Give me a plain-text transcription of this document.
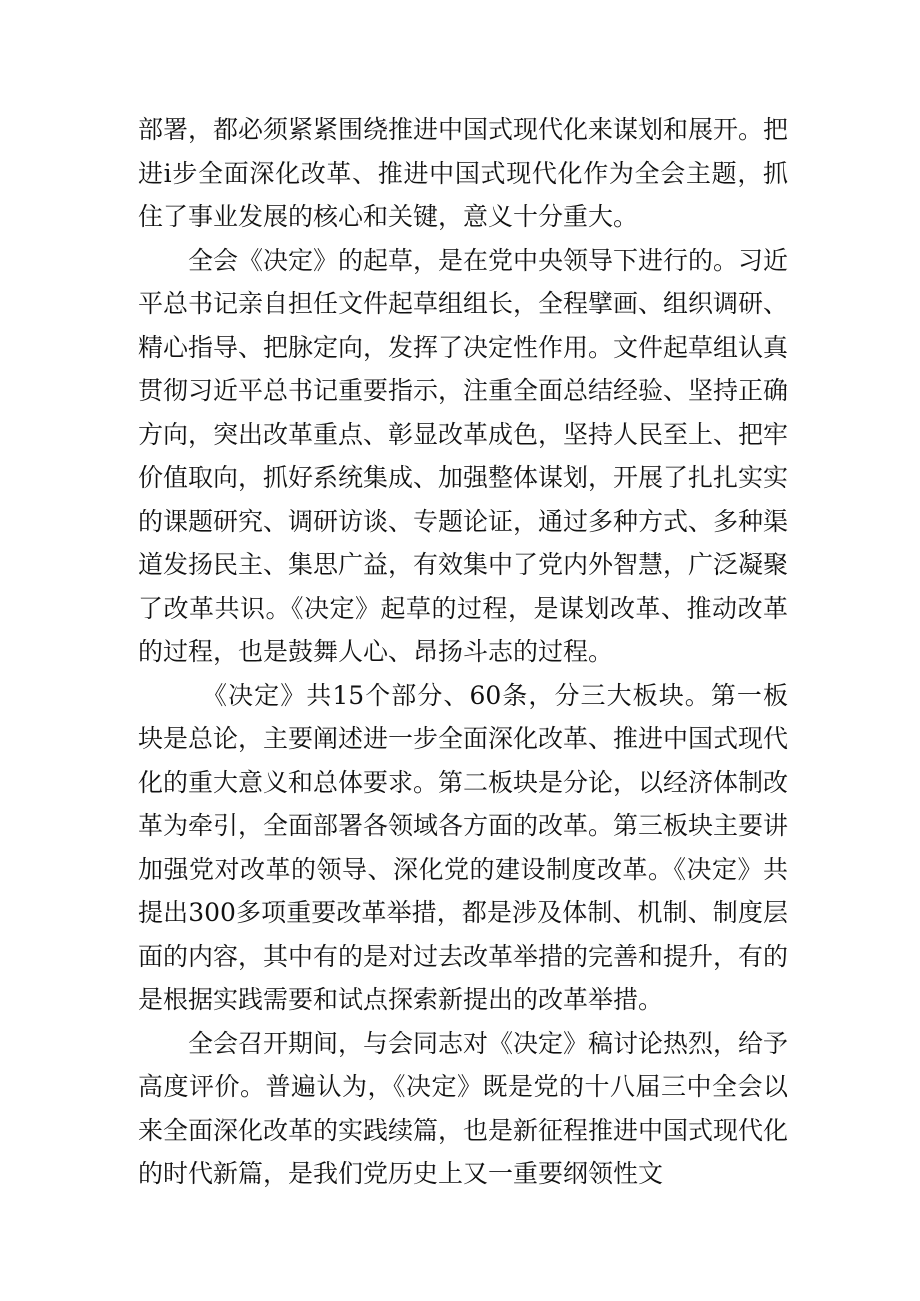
部署，都必须紧紧围绕推进中国式现代化来谋划和展开。把进i步全面深化改革、推进中国式现代化作为全会主题，抓住了事业发展的核心和关键，意义十分重大。

全会《决定》的起草，是在党中央领导下进行的。习近平总书记亲自担任文件起草组组长，全程擘画、组织调研、精心指导、把脉定向，发挥了决定性作用。文件起草组认真贯彻习近平总书记重要指示，注重全面总结经验、坚持正确方向，突出改革重点、彰显改革成色，坚持人民至上、把牢价值取向，抓好系统集成、加强整体谋划，开展了扎扎实实的课题研究、调研访谈、专题论证，通过多种方式、多种渠道发扬民主、集思广益，有效集中了党内外智慧，广泛凝聚了改革共识。《决定》起草的过程，是谋划改革、推动改革的过程，也是鼓舞人心、昂扬斗志的过程。

《决定》共15个部分、60条，分三大板块。第一板块是总论，主要阐述进一步全面深化改革、推进中国式现代化的重大意义和总体要求。第二板块是分论，以经济体制改革为牵引，全面部署各领域各方面的改革。第三板块主要讲加强党对改革的领导、深化党的建设制度改革。《决定》共提出300多项重要改革举措，都是涉及体制、机制、制度层面的内容，其中有的是对过去改革举措的完善和提升，有的是根据实践需要和试点探索新提出的改革举措。

全会召开期间，与会同志对《决定》稿讨论热烈，给予高度评价。普遍认为，《决定》既是党的十八届三中全会以来全面深化改革的实践续篇，也是新征程推进中国式现代化的时代新篇，是我们党历史上又一重要纲领性文
